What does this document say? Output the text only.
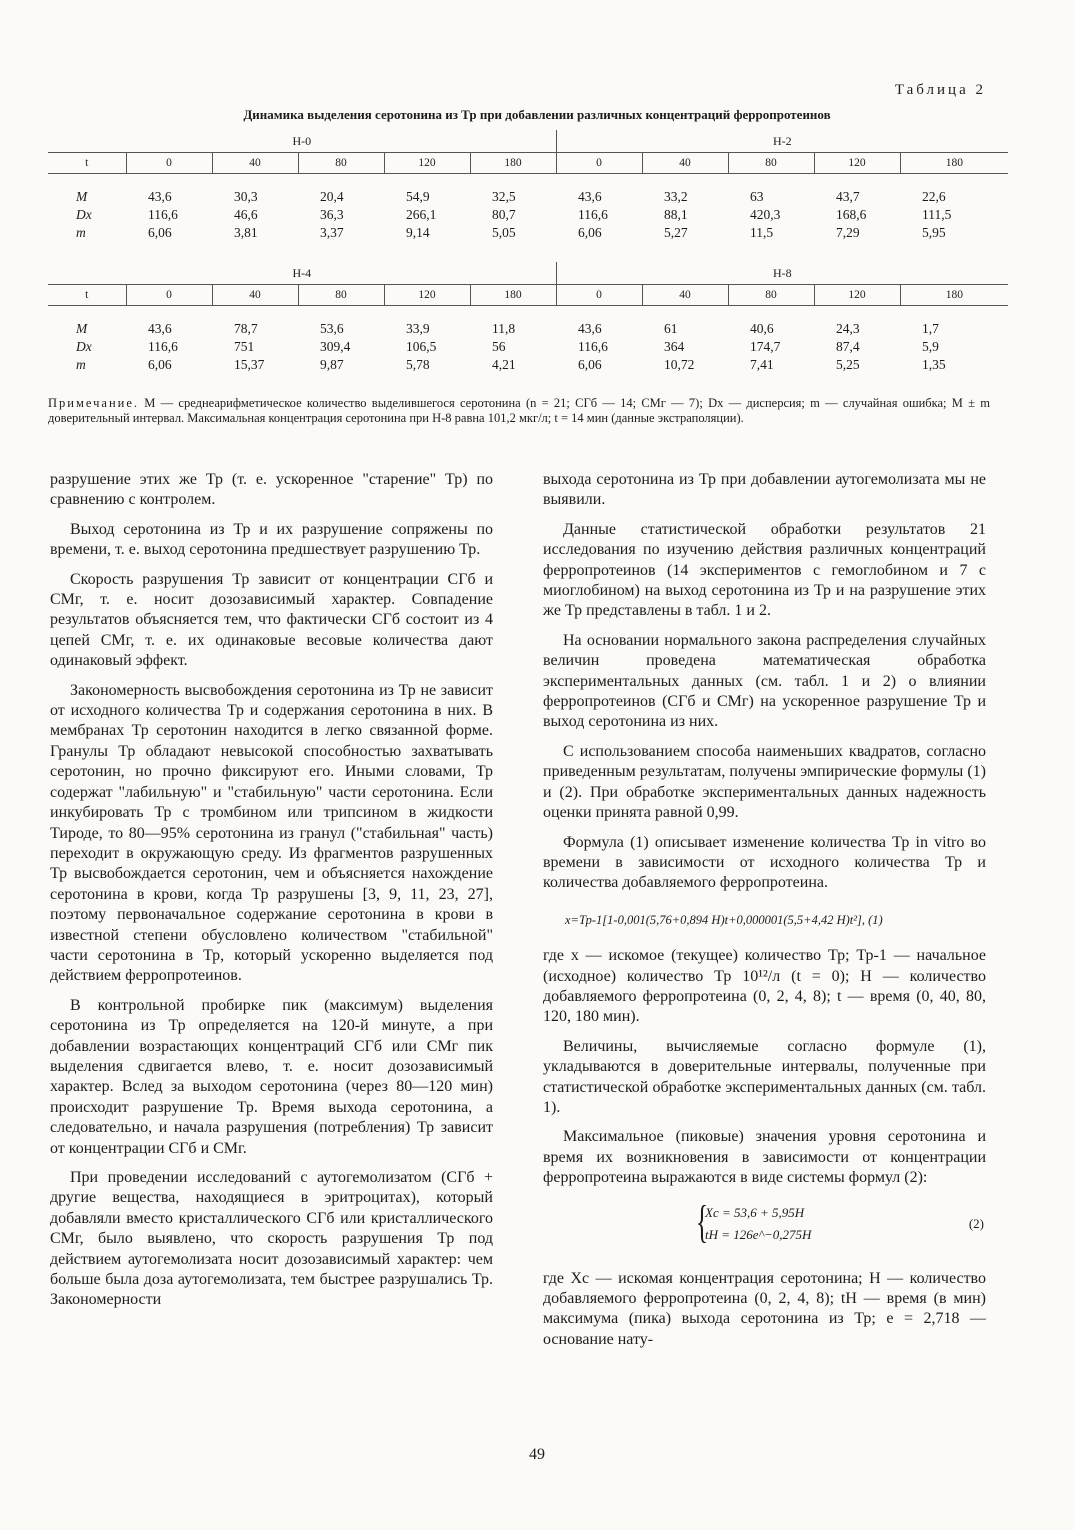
Таблица 2
Динамика выделения серотонина из Тр при добавлении различных концентраций ферропротеинов
Н-0						Н-2				
t	0	40	80	120	180	0	40	80	120	180

M	43,6	30,3	20,4	54,9	32,5	43,6	33,2	63	43,7	22,6
Dx	116,6	46,6	36,3	266,1	80,7	116,6	88,1	420,3	168,6	111,5
m	6,06	3,81	3,37	9,14	5,05	6,06	5,27	11,5	7,29	5,95
Н-4						Н-8				
t	0	40	80	120	180	0	40	80	120	180

M	43,6	78,7	53,6	33,9	11,8	43,6	61	40,6	24,3	1,7
Dx	116,6	751	309,4	106,5	56	116,6	364	174,7	87,4	5,9
m	6,06	15,37	9,87	5,78	4,21	6,06	10,72	7,41	5,25	1,35
Примечание. M — среднеарифметическое количество выделившегося серотонина (n = 21; СГб — 14; СМг — 7); Dx — дисперсия; m — случайная ошибка; M ± m доверительный интервал. Максимальная концентрация серотонина при Н-8 равна 101,2 мкг/л; t = 14 мин (данные экстраполяции).

разрушение этих же Тр (т. е. ускоренное "старение" Тр) по сравнению с контролем.

Выход серотонина из Тр и их разрушение сопряжены по времени, т. е. выход серотонина предшествует разрушению Тр.

Скорость разрушения Тр зависит от концентрации СГб и СМг, т. е. носит дозозависимый характер. Совпадение результатов объясняется тем, что фактически СГб состоит из 4 цепей СМг, т. е. их одинаковые весовые количества дают одинаковый эффект.

Закономерность высвобождения серотонина из Тр не зависит от исходного количества Тр и содержания серотонина в них. В мембранах Тр серотонин находится в легко связанной форме. Гранулы Тр обладают невысокой способностью захватывать серотонин, но прочно фиксируют его. Иными словами, Тр содержат "лабильную" и "стабильную" части серотонина. Если инкубировать Тр с тромбином или трипсином в жидкости Тироде, то 80—95% серотонина из гранул ("стабильная" часть) переходит в окружающую среду. Из фрагментов разрушенных Тр высвобождается серотонин, чем и объясняется нахождение серотонина в крови, когда Тр разрушены [3, 9, 11, 23, 27], поэтому первоначальное содержание серотонина в крови в известной степени обусловлено количеством "стабильной" части серотонина в Тр, который ускоренно выделяется под действием ферропротеинов.

В контрольной пробирке пик (максимум) выделения серотонина из Тр определяется на 120-й минуте, а при добавлении возрастающих концентраций СГб или СМг пик выделения сдвигается влево, т. е. носит дозозависимый характер. Вслед за выходом серотонина (через 80—120 мин) происходит разрушение Тр. Время выхода серотонина, а следовательно, и начала разрушения (потребления) Тр зависит от концентрации СГб и СМг.

При проведении исследований с аутогемолизатом (СГб + другие вещества, находящиеся в эритроцитах), который добавляли вместо кристаллического СГб или кристаллического СМг, было выявлено, что скорость разрушения Тр под действием аутогемолизата носит дозозависимый характер: чем больше была доза аутогемолизата, тем быстрее разрушались Тр. Закономерности

выхода серотонина из Тр при добавлении аутогемолизата мы не выявили.

Данные статистической обработки результатов 21 исследования по изучению действия различных концентраций ферропротеинов (14 экспериментов с гемоглобином и 7 с миоглобином) на выход серотонина из Тр и на разрушение этих же Тр представлены в табл. 1 и 2.

На основании нормального закона распределения случайных величин проведена математическая обработка экспериментальных данных (см. табл. 1 и 2) о влиянии ферропротеинов (СГб и СМг) на ускоренное разрушение Тр и выход серотонина из них.

С использованием способа наименьших квадратов, согласно приведенным результатам, получены эмпирические формулы (1) и (2). При обработке экспериментальных данных надежность оценки принята равной 0,99.

Формула (1) описывает изменение количества Тр in vitro во времени в зависимости от исходного количества Тр и количества добавляемого ферропротеина.

x=Тр-1[1-0,001(5,76+0,894 H)t+0,000001(5,5+4,42 H)t²], (1)

где x — искомое (текущее) количество Тр; Тр-1 — начальное (исходное) количество Тр 10¹²/л (t = 0); H — количество добавляемого ферропротеина (0, 2, 4, 8); t — время (0, 40, 80, 120, 180 мин).

Величины, вычисляемые согласно формуле (1), укладываются в доверительные интервалы, полученные при статистической обработке экспериментальных данных (см. табл. 1).

Максимальное (пиковые) значения уровня серотонина и время их возникновения в зависимости от концентрации ферропротеина выражаются в виде системы формул (2):

{
Xc = 53,6 + 5,95H
tH = 126e^−0,275H
(2)

где Xc — искомая концентрация серотонина; H — количество добавляемого ферропротеина (0, 2, 4, 8); tH — время (в мин) максимума (пика) выхода серотонина из Тр; e = 2,718 — основание нату-

49
